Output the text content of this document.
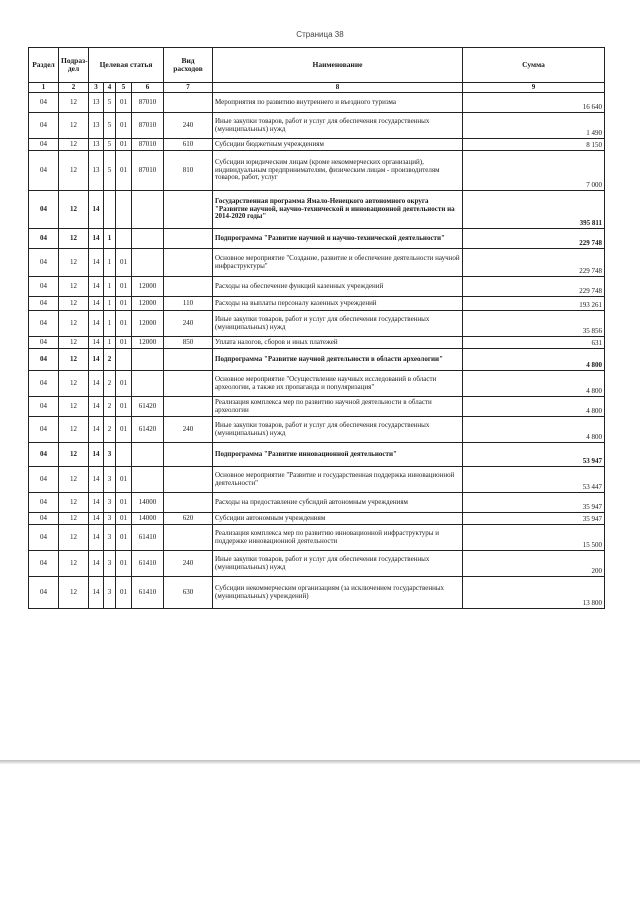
Страница 38
Раздел	Подраз-дел	Целевая статья				Вид расходов	Наименование	Сумма
1	2	3	4	5	6	7	8	9
04	12	13	5	01	87010		Мероприятия по развитию внутреннего и въездного туризма	16 640
04	12	13	5	01	87010	240	Иные закупки товаров, работ и услуг для обеспечения государственных (муниципальных) нужд	1 490
04	12	13	5	01	87010	610	Субсидии бюджетным учреждениям	8 150
04	12	13	5	01	87010	810	Субсидии юридическим лицам (кроме некоммерческих организаций), индивидуальным предпринимателям, физическим лицам - производителям товаров, работ, услуг	7 000
04	12	14					Государственная программа Ямало-Ненецкого автономного округа "Развитие научной, научно-технической и инновационной деятельности на 2014-2020 годы"	395 811
04	12	14	1				Подпрограмма "Развитие научной и научно-технической деятельности"	229 748
04	12	14	1	01			Основное мероприятие "Создание, развитие и обеспечение деятельности научной инфраструктуры"	229 748
04	12	14	1	01	12000		Расходы на обеспечение функций казенных учреждений	229 748
04	12	14	1	01	12000	110	Расходы на выплаты персоналу казенных учреждений	193 261
04	12	14	1	01	12000	240	Иные закупки товаров, работ и услуг для обеспечения государственных (муниципальных) нужд	35 856
04	12	14	1	01	12000	850	Уплата налогов, сборов и иных платежей	631
04	12	14	2				Подпрограмма "Развитие научной деятельности в области археологии"	4 800
04	12	14	2	01			Основное мероприятие "Осуществление научных исследований в области археологии, а также их пропаганда и популяризация"	4 800
04	12	14	2	01	61420		Реализация комплекса мер по развитию научной деятельности в области археологии	4 800
04	12	14	2	01	61420	240	Иные закупки товаров, работ и услуг для обеспечения государственных (муниципальных) нужд	4 800
04	12	14	3				Подпрограмма "Развитие инновационной деятельности"	53 947
04	12	14	3	01			Основное мероприятие "Развитие и государственная поддержка инновационной деятельности"	53 447
04	12	14	3	01	14000		Расходы на предоставление субсидий автономным учреждениям	35 947
04	12	14	3	01	14000	620	Субсидии автономным учреждениям	35 947
04	12	14	3	01	61410		Реализация комплекса мер по развитию инновационной инфраструктуры и поддержке инновационной деятельности	15 500
04	12	14	3	01	61410	240	Иные закупки товаров, работ и услуг для обеспечения государственных (муниципальных) нужд	200
04	12	14	3	01	61410	630	Субсидии некоммерческим организациям (за исключением государственных (муниципальных) учреждений)	13 800
